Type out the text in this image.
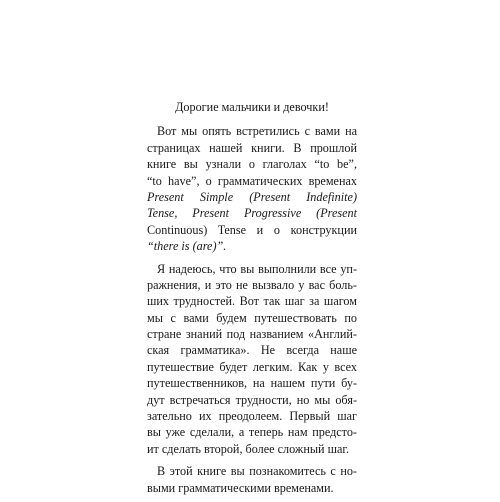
Дорогие мальчики и девочки!
Вот мы опять встретились с вами на
страницах нашей книги. В прошлой
книге вы узнали о глаголах “to be”,
“to have”, о грамматических временах
Present Simple (Present Indefinite)
Tense, Present Progressive (Present
Continuous) Tense и о конструкции
“there is (are)”.
Я надеюсь, что вы выполнили все уп-
ражнения, и это не вызвало у вас боль-
ших трудностей. Вот так шаг за шагом
мы с вами будем путешествовать по
стране знаний под названием «Англий-
ская грамматика». Не всегда наше
путешествие будет легким. Как у всех
путешественников, на нашем пути бу-
дут встречаться трудности, но мы обя-
зательно их преодолеем. Первый шаг
вы уже сделали, а теперь нам предсто-
ит сделать второй, более сложный шаг.
В этой книге вы познакомитесь с но-
выми грамматическими временами.
